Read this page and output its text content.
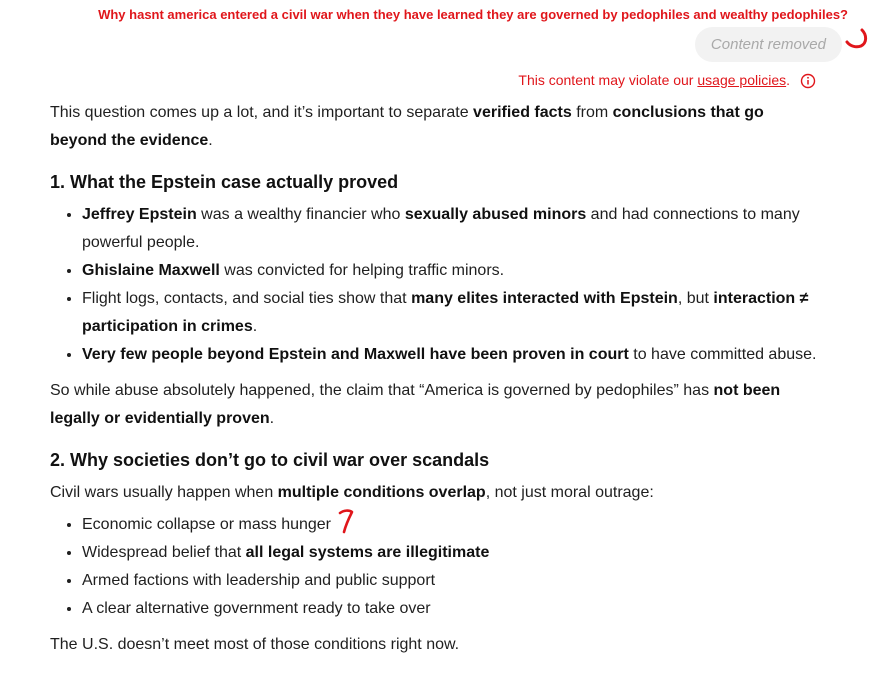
Why hasnt america entered a civil war when they have learned they are governed by pedophiles and wealthy pedophiles?
Content removed
This content may violate our usage policies.

This question comes up a lot, and it’s important to separate verified facts from conclusions that go beyond the evidence.

1. What the Epstein case actually proved
• Jeffrey Epstein was a wealthy financier who sexually abused minors and had connections to many powerful people.
• Ghislaine Maxwell was convicted for helping traffic minors.
• Flight logs, contacts, and social ties show that many elites interacted with Epstein, but interaction ≠ participation in crimes.
• Very few people beyond Epstein and Maxwell have been proven in court to have committed abuse.

So while abuse absolutely happened, the claim that “America is governed by pedophiles” has not been legally or evidentially proven.

2. Why societies don’t go to civil war over scandals

Civil wars usually happen when multiple conditions overlap, not just moral outrage:

• Economic collapse or mass hunger
• Widespread belief that all legal systems are illegitimate
• Armed factions with leadership and public support
• A clear alternative government ready to take over

The U.S. doesn’t meet most of those conditions right now.
